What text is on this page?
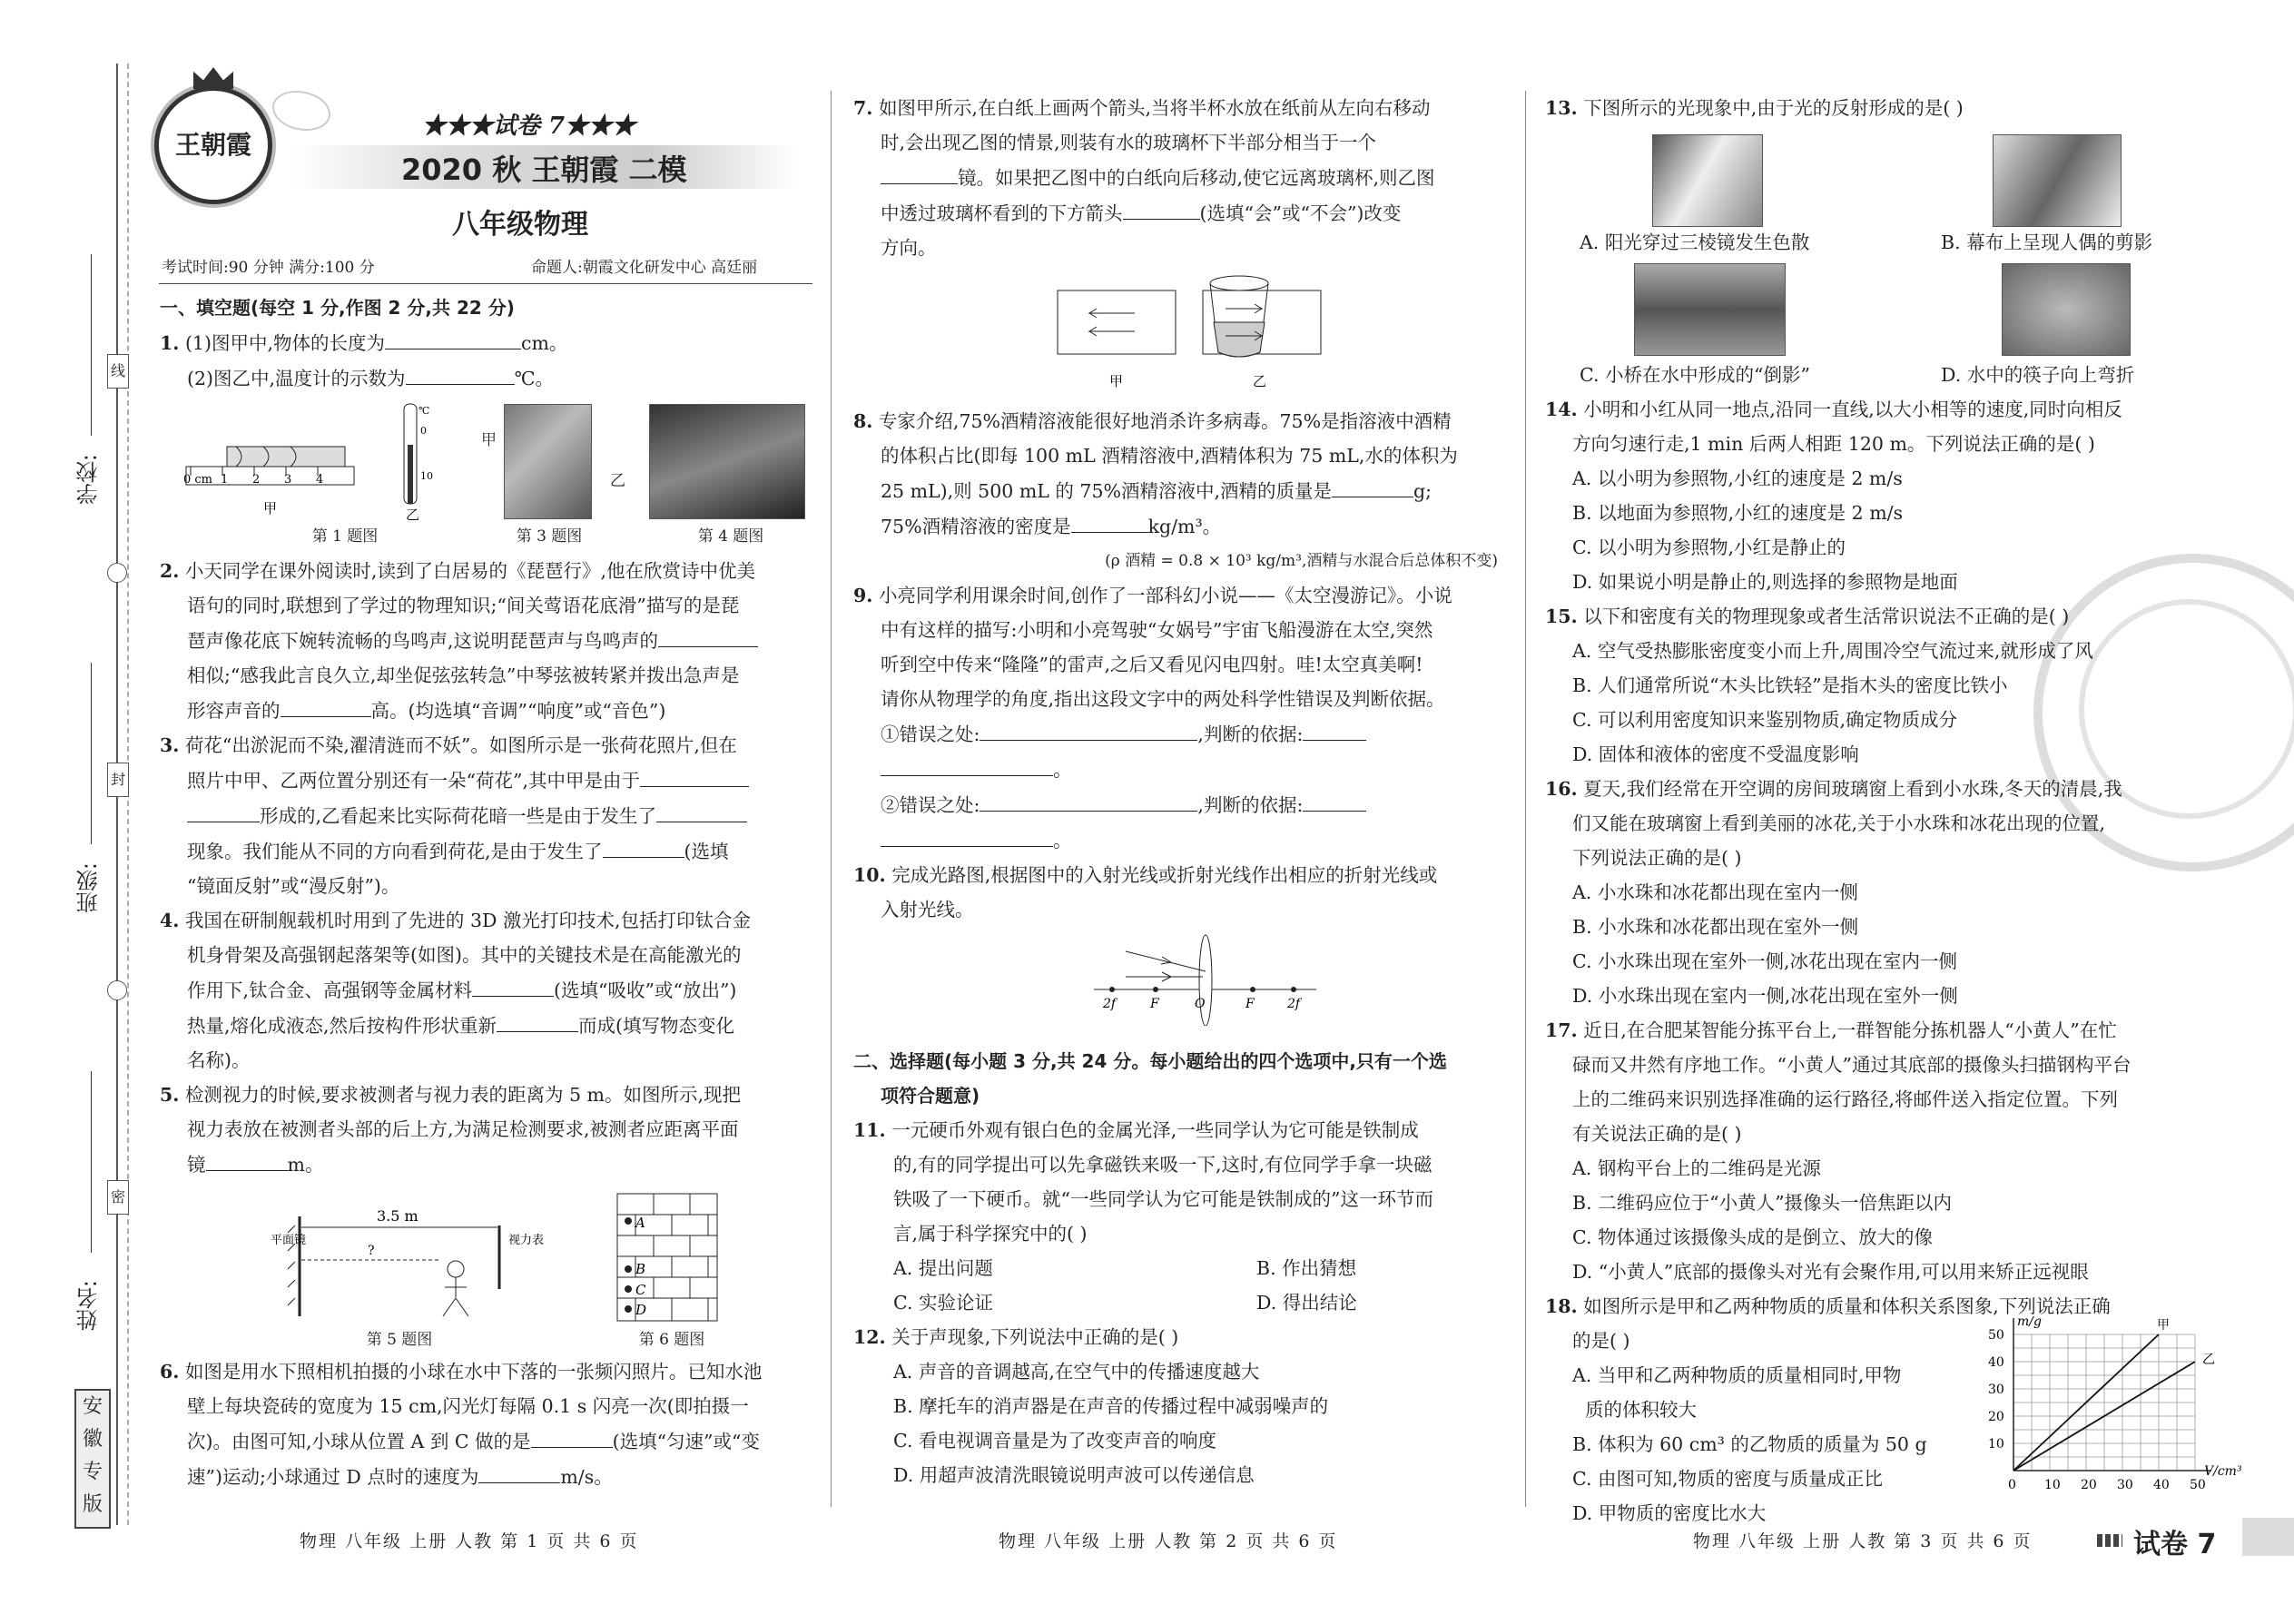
学校:
班级:
姓名:
线
封
密
安
徽
专
版
王朝霞
★★★试卷 7★★★
2020 秋 王朝霞 二模
八年级物理
考试时间:90 分钟 满分:100 分	命题人:朝霞文化研发中心 高廷丽

一、填空题(每空 1 分,作图 2 分,共 22 分)

1. (1)图甲中,物体的长度为	cm。

(2)图乙中,温度计的示数为	℃。

0 cm 1 2 3 4
甲
℃
0
10
乙
第 1 题图
甲
乙
第 3 题图	第 4 题图

2. 小天同学在课外阅读时,读到了白居易的《琵琶行》,他在欣赏诗中优美

语句的同时,联想到了学过的物理知识;“间关莺语花底滑”描写的是琵

琶声像花底下婉转流畅的鸟鸣声,这说明琵琶声与鸟鸣声的

相似;“感我此言良久立,却坐促弦弦转急”中琴弦被转紧并拨出急声是

形容声音的	高。(均选填“音调”“响度”或“音色”)

3. 荷花“出淤泥而不染,濯清涟而不妖”。如图所示是一张荷花照片,但在

照片中甲、乙两位置分别还有一朵“荷花”,其中甲是由于

形成的,乙看起来比实际荷花暗一些是由于发生了

现象。我们能从不同的方向看到荷花,是由于发生了	(选填

“镜面反射”或“漫反射”)。

4. 我国在研制舰载机时用到了先进的 3D 激光打印技术,包括打印钛合金

机身骨架及高强钢起落架等(如图)。其中的关键技术是在高能激光的

作用下,钛合金、高强钢等金属材料	(选填“吸收”或“放出”)

热量,熔化成液态,然后按构件形状重新	而成(填写物态变化

名称)。

5. 检测视力的时候,要求被测者与视力表的距离为 5 m。如图所示,现把

视力表放在被测者头部的后上方,为满足检测要求,被测者应距离平面

镜	m。

3.5 m
?
平面镜	视力表
第 5 题图
A
B
C
D
第 6 题图

6. 如图是用水下照相机拍摄的小球在水中下落的一张频闪照片。已知水池

壁上每块瓷砖的宽度为 15 cm,闪光灯每隔 0.1 s 闪亮一次(即拍摄一

次)。由图可知,小球从位置 A 到 C 做的是	(选填“匀速”或“变

速”)运动;小球通过 D 点时的速度为	m/s。

7. 如图甲所示,在白纸上画两个箭头,当将半杯水放在纸前从左向右移动

时,会出现乙图的情景,则装有水的玻璃杯下半部分相当于一个

镜。如果把乙图中的白纸向后移动,使它远离玻璃杯,则乙图

中透过玻璃杯看到的下方箭头	(选填“会”或“不会”)改变

方向。

甲	乙

8. 专家介绍,75%酒精溶液能很好地消杀许多病毒。75%是指溶液中酒精

的体积占比(即每 100 mL 酒精溶液中,酒精体积为 75 mL,水的体积为

25 mL),则 500 mL 的 75%酒精溶液中,酒精的质量是	g;

75%酒精溶液的密度是	kg/m³。

(ρ 酒精 = 0.8 × 10³ kg/m³,酒精与水混合后总体积不变)

9. 小亮同学利用课余时间,创作了一部科幻小说——《太空漫游记》。小说

中有这样的描写:小明和小亮驾驶“女娲号”宇宙飞船漫游在太空,突然

听到空中传来“隆隆”的雷声,之后又看见闪电四射。哇!太空真美啊!

请你从物理学的角度,指出这段文字中的两处科学性错误及判断依据。

①错误之处:	,判断的依据:

。

②错误之处:	,判断的依据:

。

10. 完成光路图,根据图中的入射光线或折射光线作出相应的折射光线或

入射光线。

2f	F	O	F	2f

二、选择题(每小题 3 分,共 24 分。每小题给出的四个选项中,只有一个选

项符合题意)

11. 一元硬币外观有银白色的金属光泽,一些同学认为它可能是铁制成

的,有的同学提出可以先拿磁铁来吸一下,这时,有位同学手拿一块磁

铁吸了一下硬币。就“一些同学认为它可能是铁制成的”这一环节而

言,属于科学探究中的( )

A. 提出问题	B. 作出猜想

C. 实验论证	D. 得出结论

12. 关于声现象,下列说法中正确的是( )

A. 声音的音调越高,在空气中的传播速度越大

B. 摩托车的消声器是在声音的传播过程中减弱噪声的

C. 看电视调音量是为了改变声音的响度

D. 用超声波清洗眼镜说明声波可以传递信息

13. 下图所示的光现象中,由于光的反射形成的是( )

A. 阳光穿过三棱镜发生色散	B. 幕布上呈现人偶的剪影
C. 小桥在水中形成的“倒影”	D. 水中的筷子向上弯折

14. 小明和小红从同一地点,沿同一直线,以大小相等的速度,同时向相反

方向匀速行走,1 min 后两人相距 120 m。下列说法正确的是( )

A. 以小明为参照物,小红的速度是 2 m/s

B. 以地面为参照物,小红的速度是 2 m/s

C. 以小明为参照物,小红是静止的

D. 如果说小明是静止的,则选择的参照物是地面

15. 以下和密度有关的物理现象或者生活常识说法不正确的是( )

A. 空气受热膨胀密度变小而上升,周围冷空气流过来,就形成了风

B. 人们通常所说“木头比铁轻”是指木头的密度比铁小

C. 可以利用密度知识来鉴别物质,确定物质成分

D. 固体和液体的密度不受温度影响

16. 夏天,我们经常在开空调的房间玻璃窗上看到小水珠,冬天的清晨,我

们又能在玻璃窗上看到美丽的冰花,关于小水珠和冰花出现的位置,

下列说法正确的是( )

A. 小水珠和冰花都出现在室内一侧

B. 小水珠和冰花都出现在室外一侧

C. 小水珠出现在室外一侧,冰花出现在室内一侧

D. 小水珠出现在室内一侧,冰花出现在室外一侧

17. 近日,在合肥某智能分拣平台上,一群智能分拣机器人“小黄人”在忙

碌而又井然有序地工作。“小黄人”通过其底部的摄像头扫描钢构平台

上的二维码来识别选择准确的运行路径,将邮件送入指定位置。下列

有关说法正确的是( )

A. 钢构平台上的二维码是光源

B. 二维码应位于“小黄人”摄像头一倍焦距以内

C. 物体通过该摄像头成的是倒立、放大的像

D. “小黄人”底部的摄像头对光有会聚作用,可以用来矫正远视眼

18. 如图所示是甲和乙两种物质的质量和体积关系图象,下列说法正确

的是( )

A. 当甲和乙两种物质的质量相同时,甲物

质的体积较大

B. 体积为 60 cm³ 的乙物质的质量为 50 g

C. 由图可知,物质的密度与质量成正比

D. 甲物质的密度比水大

V/cm³
m/g
0 10 20 30 40 50
10
20
30
40
50
甲
乙
物理 八年级 上册 人教 第 1 页 共 6 页	物理 八年级 上册 人教 第 2 页 共 6 页	物理 八年级 上册 人教 第 3 页 共 6 页	试卷 7
